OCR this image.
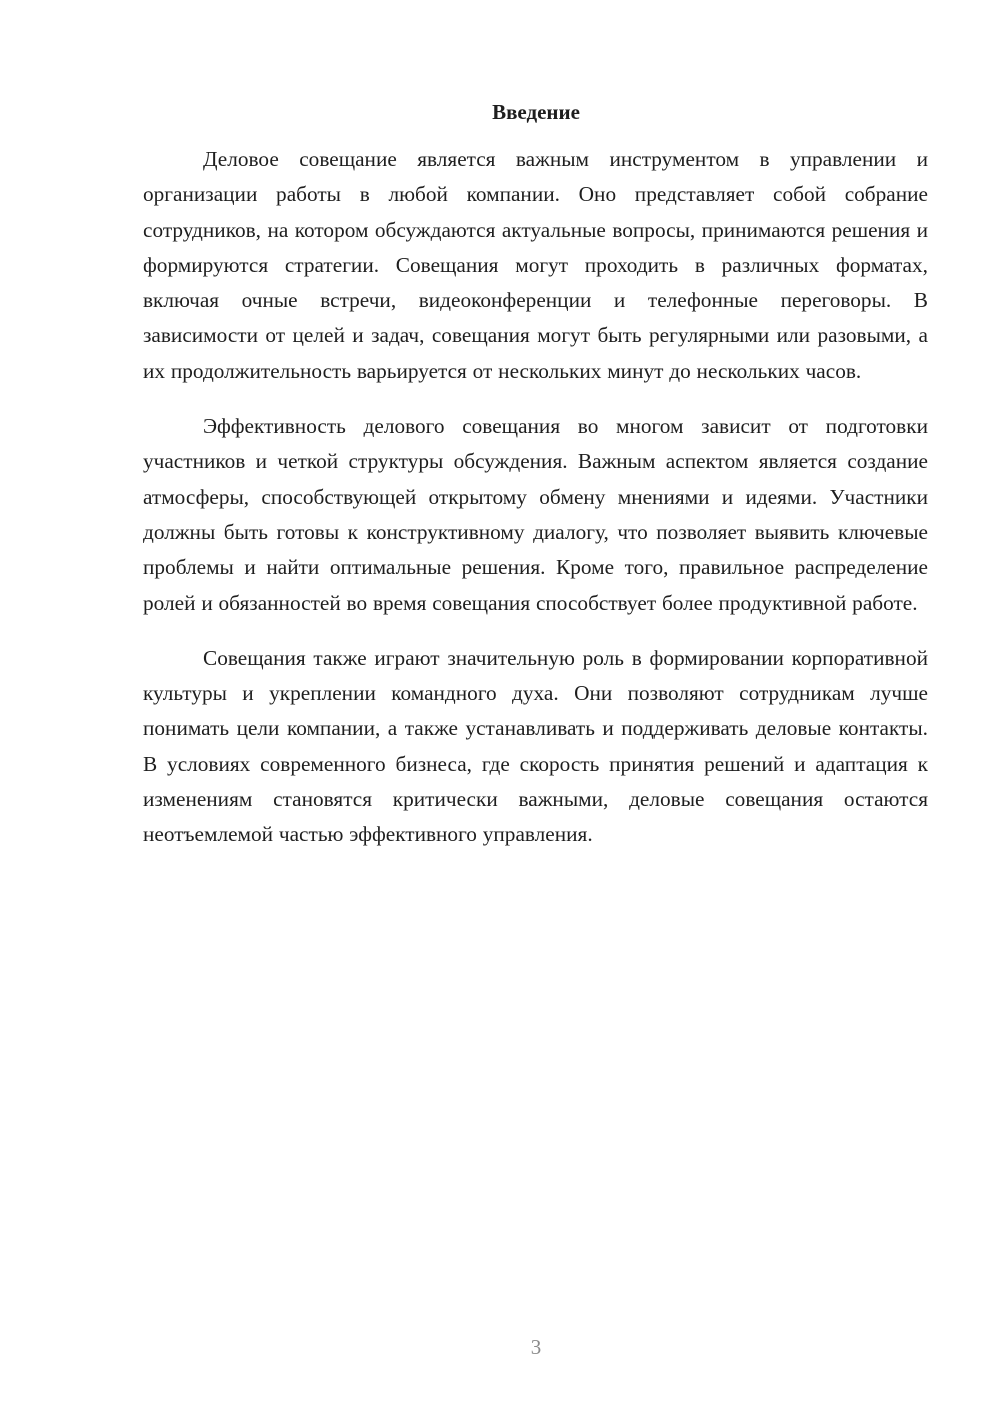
Введение

Деловое совещание является важным инструментом в управлении и организации работы в любой компании. Оно представляет собой собрание сотрудников, на котором обсуждаются актуальные вопросы, принимаются решения и формируются стратегии. Совещания могут проходить в различных форматах, включая очные встречи, видеоконференции и телефонные переговоры. В зависимости от целей и задач, совещания могут быть регулярными или разовыми, а их продолжительность варьируется от нескольких минут до нескольких часов.

Эффективность делового совещания во многом зависит от подготовки участников и четкой структуры обсуждения. Важным аспектом является создание атмосферы, способствующей открытому обмену мнениями и идеями. Участники должны быть готовы к конструктивному диалогу, что позволяет выявить ключевые проблемы и найти оптимальные решения. Кроме того, правильное распределение ролей и обязанностей во время совещания способствует более продуктивной работе.

Совещания также играют значительную роль в формировании корпоративной культуры и укреплении командного духа. Они позволяют сотрудникам лучше понимать цели компании, а также устанавливать и поддерживать деловые контакты. В условиях современного бизнеса, где скорость принятия решений и адаптация к изменениям становятся критически важными, деловые совещания остаются неотъемлемой частью эффективного управления.

3
